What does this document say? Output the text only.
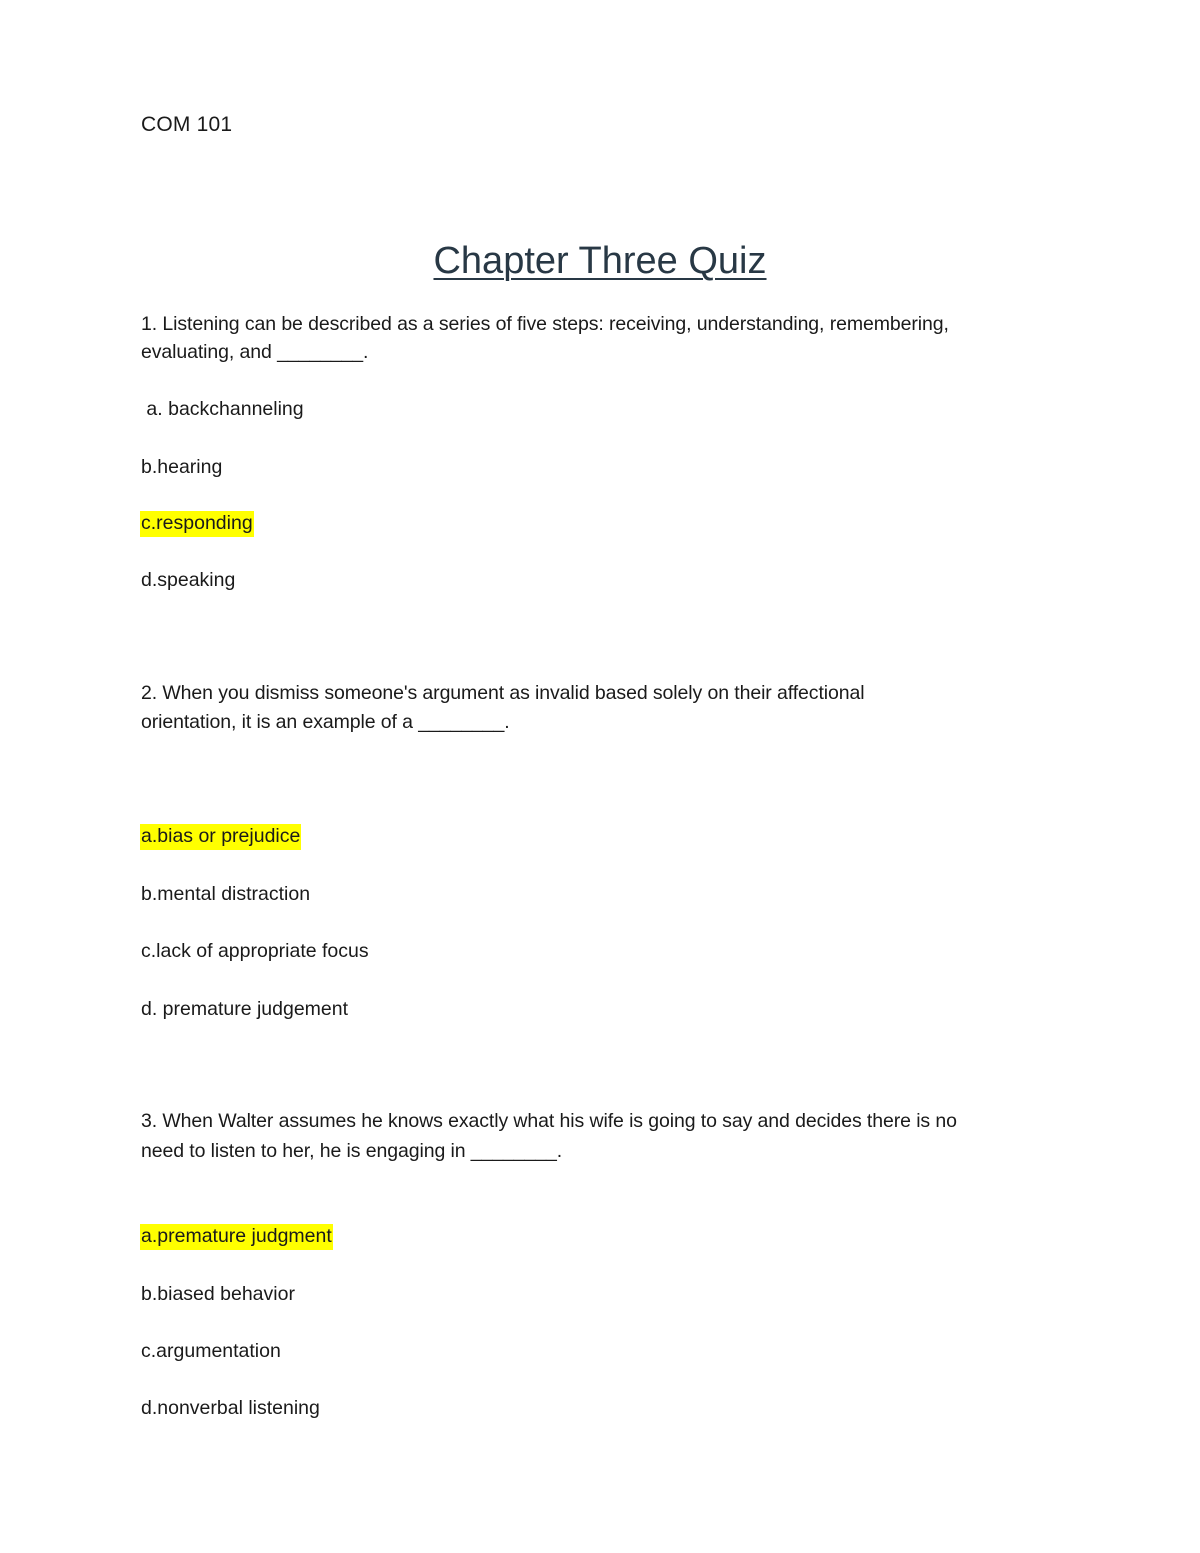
COM 101
Chapter Three Quiz
1. Listening can be described as a series of five steps: receiving, understanding, remembering,
evaluating, and ________.
a. backchanneling
b.hearing
c.responding
d.speaking
2. When you dismiss someone's argument as invalid based solely on their affectional
orientation, it is an example of a ________.
a.bias or prejudice
b.mental distraction
c.lack of appropriate focus
d. premature judgement
3. When Walter assumes he knows exactly what his wife is going to say and decides there is no
need to listen to her, he is engaging in ________.
a.premature judgment
b.biased behavior
c.argumentation
d.nonverbal listening
